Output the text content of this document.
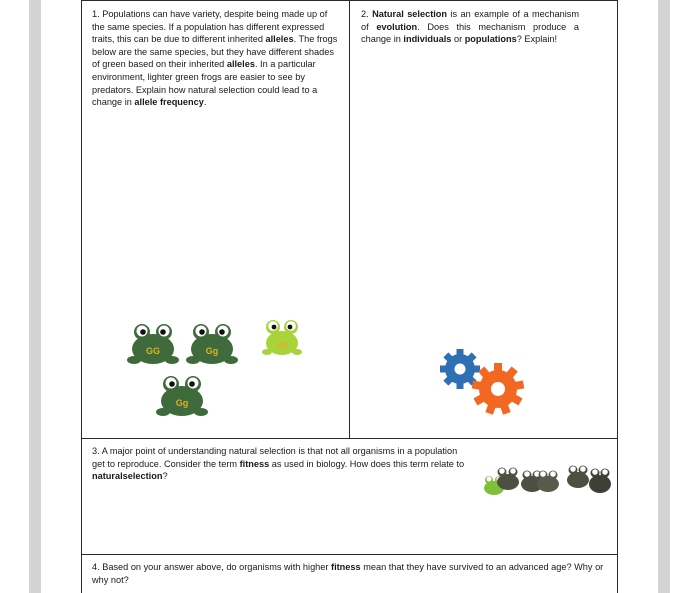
1. Populations can have variety, despite being made up of the same species. If a population has different expressed traits, this can be due to different inherited alleles. The frogs below are the same species, but they have different shades of green based on their inherited alleles. In a particular environment, lighter green frogs are easier to see by predators. Explain how natural selection could lead to a change in allele frequency.
2. Natural selection is an example of a mechanism of evolution. Does this mechanism produce a change in individuals or populations? Explain!
3. A major point of understanding natural selection is that not all organisms in a population get to reproduce. Consider the term fitness as used in biology. How does this term relate to naturalselection?
4. Based on your answer above, do organisms with higher fitness mean that they have survived to an advanced age? Why or why not?
GG	Gg
gg
Gg
